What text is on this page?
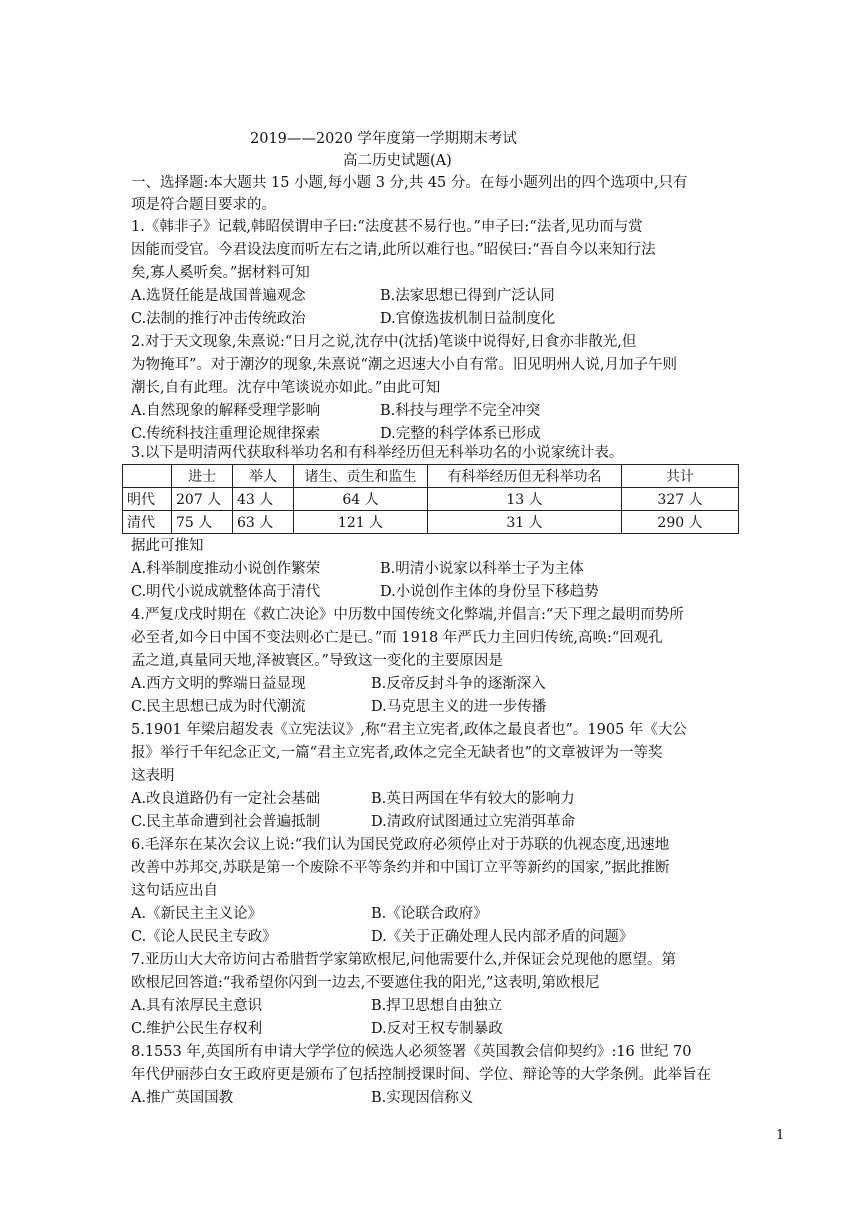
2019——2020 学年度第一学期期末考试
高二历史试题(A)
一、选择题:本大题共 15 小题,每小题 3 分,共 45 分。在每小题列出的四个选项中,只有
项是符合题目要求的。
1.《韩非子》记载,韩昭侯谓申子曰:“法度甚不易行也。”申子曰:“法者,见功而与赏
因能而受官。今君设法度而听左右之请,此所以难行也。”昭侯曰:“吾自今以来知行法
矣,寡人奚听矣。”据材料可知
A.选贤任能是战国普遍观念	B.法家思想已得到广泛认同
C.法制的推行冲击传统政治	D.官僚选拔机制日益制度化
2.对于天文现象,朱熹说:“日月之说,沈存中(沈括)笔谈中说得好,日食亦非散光,但
为物掩耳”。对于潮汐的现象,朱熹说“潮之迟速大小自有常。旧见明州人说,月加子午则
潮长,自有此理。沈存中笔谈说亦如此。”由此可知
A.自然现象的解释受理学影响	B.科技与理学不完全冲突
C.传统科技注重理论规律探索	D.完整的科学体系已形成
3.以下是明清两代获取科举功名和有科举经历但无科举功名的小说家统计表。
	进士	举人	诸生、贡生和监生	有科举经历但无科举功名	共计
明代	207 人	43 人	64 人	13 人	327 人
清代	75 人	63 人	121 人	31 人	290 人
据此可推知
A.科举制度推动小说创作繁荣	B.明清小说家以科举士子为主体
C.明代小说成就整体高于清代	D.小说创作主体的身份呈下移趋势
4.严复戊戌时期在《救亡决论》中历数中国传统文化弊端,并倡言:“天下理之最明而势所
必至者,如今日中国不变法则必亡是已。”而 1918 年严氏力主回归传统,高唤:“回观孔
孟之道,真量同天地,泽被寰区。”导致这一变化的主要原因是
A.西方文明的弊端日益显现	B.反帝反封斗争的逐渐深入
C.民主思想已成为时代潮流	D.马克思主义的进一步传播
5.1901 年梁启超发表《立宪法议》,称“君主立宪者,政体之最良者也”。1905 年《大公
报》举行千年纪念正文,一篇“君主立宪者,政体之完全无缺者也”的文章被评为一等奖
这表明
A.改良道路仍有一定社会基础	B.英日两国在华有较大的影响力
C.民主革命遭到社会普遍抵制	D.清政府试图通过立宪消弭革命
6.毛泽东在某次会议上说:“我们认为国民党政府必须停止对于苏联的仇视态度,迅速地
改善中苏邦交,苏联是第一个废除不平等条约并和中国订立平等新约的国家,”据此推断
这句话应出自
A.《新民主主义论》	B.《论联合政府》
C.《论人民民主专政》	D.《关于正确处理人民内部矛盾的问题》
7.亚历山大大帝访问古希腊哲学家第欧根尼,问他需要什么,并保证会兑现他的愿望。第
欧根尼回答道:“我希望你闪到一边去,不要遮住我的阳光,”这表明,第欧根尼
A.具有浓厚民主意识	B.捍卫思想自由独立
C.维护公民生存权利	D.反对王权专制暴政
8.1553 年,英国所有申请大学学位的候选人必须签署《英国教会信仰契约》:16 世纪 70
年代伊丽莎白女王政府更是颁布了包括控制授课时间、学位、辩论等的大学条例。此举旨在
A.推广英国国教	B.实现因信称义
1
